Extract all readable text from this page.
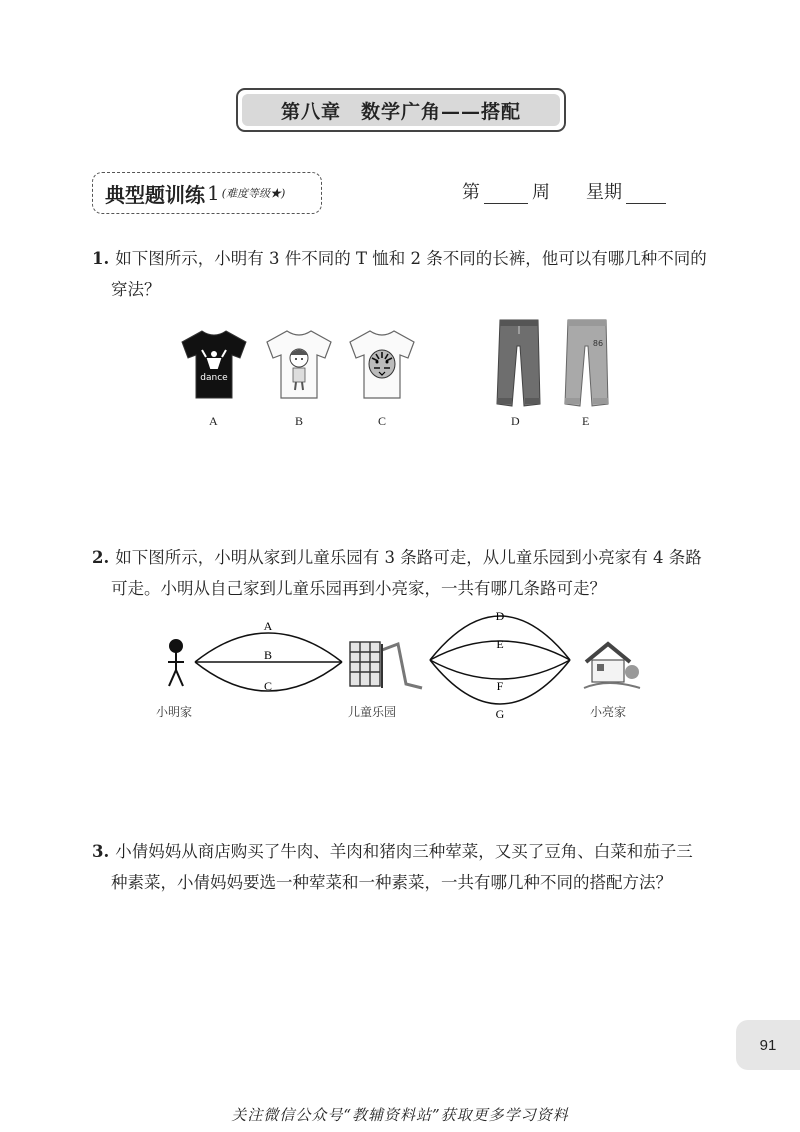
第八章　数学广角——搭配
典型题训练 1 (难度等级★)	第	周 星期
1. 如下图所示，小明有 3 件不同的 T 恤和 2 条不同的长裤，他可以有哪几种不同的
穿法？
dance
86
A	B	C	D	E
2. 如下图所示，小明从家到儿童乐园有 3 条路可走，从儿童乐园到小亮家有 4 条路
可走。小明从自己家到儿童乐园再到小亮家，一共有哪几条路可走？
A
B
C
D
E
F
G
小明家	儿童乐园	小亮家
3. 小倩妈妈从商店购买了牛肉、羊肉和猪肉三种荤菜，又买了豆角、白菜和茄子三
种素菜，小倩妈妈要选一种荤菜和一种素菜，一共有哪几种不同的搭配方法？
91
关注微信公众号“教辅资料站”获取更多学习资料
